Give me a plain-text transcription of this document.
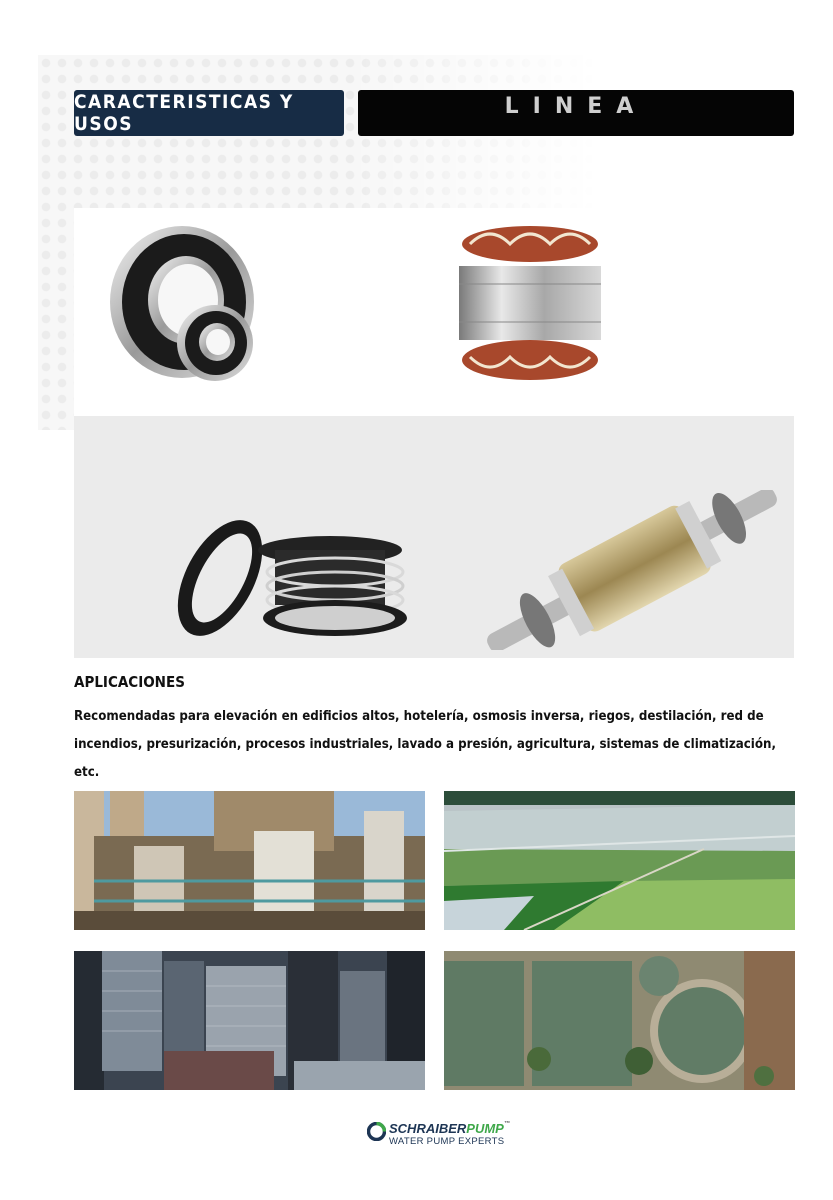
CARACTERISTICAS Y USOS
LINEA
APLICACIONES
Recomendadas para elevación en edificios altos, hotelería, osmosis inversa, riegos, destilación, red de incendios, presurización, procesos industriales, lavado a presión, agricultura, sistemas de climatización, etc.
SCHRAIBERPUMP™
WATER PUMP EXPERTS
